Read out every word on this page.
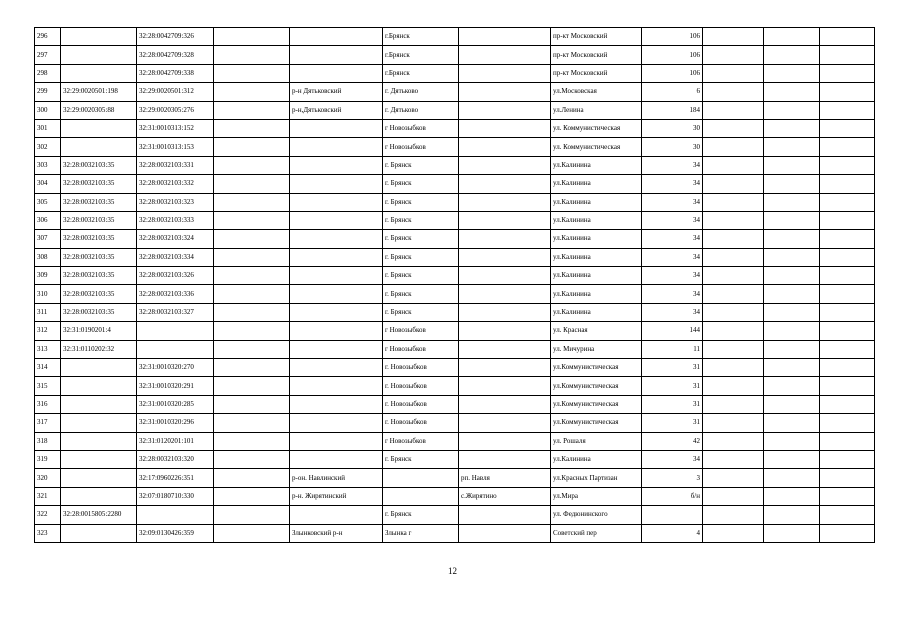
296		32:28:0042709:326			г.Брянск		пр-кт Московский	106			
297		32:28:0042709:328			г.Брянск		пр-кт Московский	106			
298		32:28:0042709:338			г.Брянск		пр-кт Московский	106			
299	32:29:0020501:198	32:29:0020501:312		р-н Дятьковский	г. Дятьково		ул.Московская	6			
300	32:29:0020305:88	32:29:0020305:276		р-н,Дятьковский	г. Дятьково		ул.Ленина	184			
301		32:31:0010313:152			г Новозыбков		ул. Коммунистическая	30			
302		32:31:0010313:153			г Новозыбков		ул. Коммунистическая	30			
303	32:28:0032103:35	32:28:0032103:331			г. Брянск		ул.Калинина	34			
304	32:28:0032103:35	32:28:0032103:332			г. Брянск		ул.Калинина	34			
305	32:28:0032103:35	32:28:0032103:323			г. Брянск		ул.Калинина	34			
306	32:28:0032103:35	32:28:0032103:333			г. Брянск		ул.Калинина	34			
307	32:28:0032103:35	32:28:0032103:324			г. Брянск		ул.Калинина	34			
308	32:28:0032103:35	32:28:0032103:334			г. Брянск		ул.Калинина	34			
309	32:28:0032103:35	32:28:0032103:326			г. Брянск		ул.Калинина	34			
310	32:28:0032103:35	32:28:0032103:336			г. Брянск		ул.Калинина	34			
311	32:28:0032103:35	32:28:0032103:327			г. Брянск		ул.Калинина	34			
312	32:31:0190201:4				г Новозыбков		ул. Красная	144			
313	32:31:0110202:32				г Новозыбков		ул. Мичурина	11			
314		32:31:0010320:270			г. Новозыбков		ул.Коммунистическая	31			
315		32:31:0010320:291			г. Новозыбков		ул.Коммунистическая	31			
316		32:31:0010320:285			г. Новозыбков		ул.Коммунистическая	31			
317		32:31:0010320:296			г. Новозыбков		ул.Коммунистическая	31			
318		32:31:0120201:101			г Новозыбков		ул. Рошаля	42			
319		32:28:0032103:320			г. Брянск		ул.Калинина	34			
320		32:17:0960226:351		р-он. Навлинский		рп. Навля	ул.Красных Партизан	3			
321		32:07:0180710:330		р-н. Жирятинский		с.Жирятино	ул.Мира	б/н			
322	32:28:0015805:2280				г. Брянск		ул. Федюнинского				
323		32:09:0130426:359		Злынковский р-н	Злынка г		Советский пер	4			
12
